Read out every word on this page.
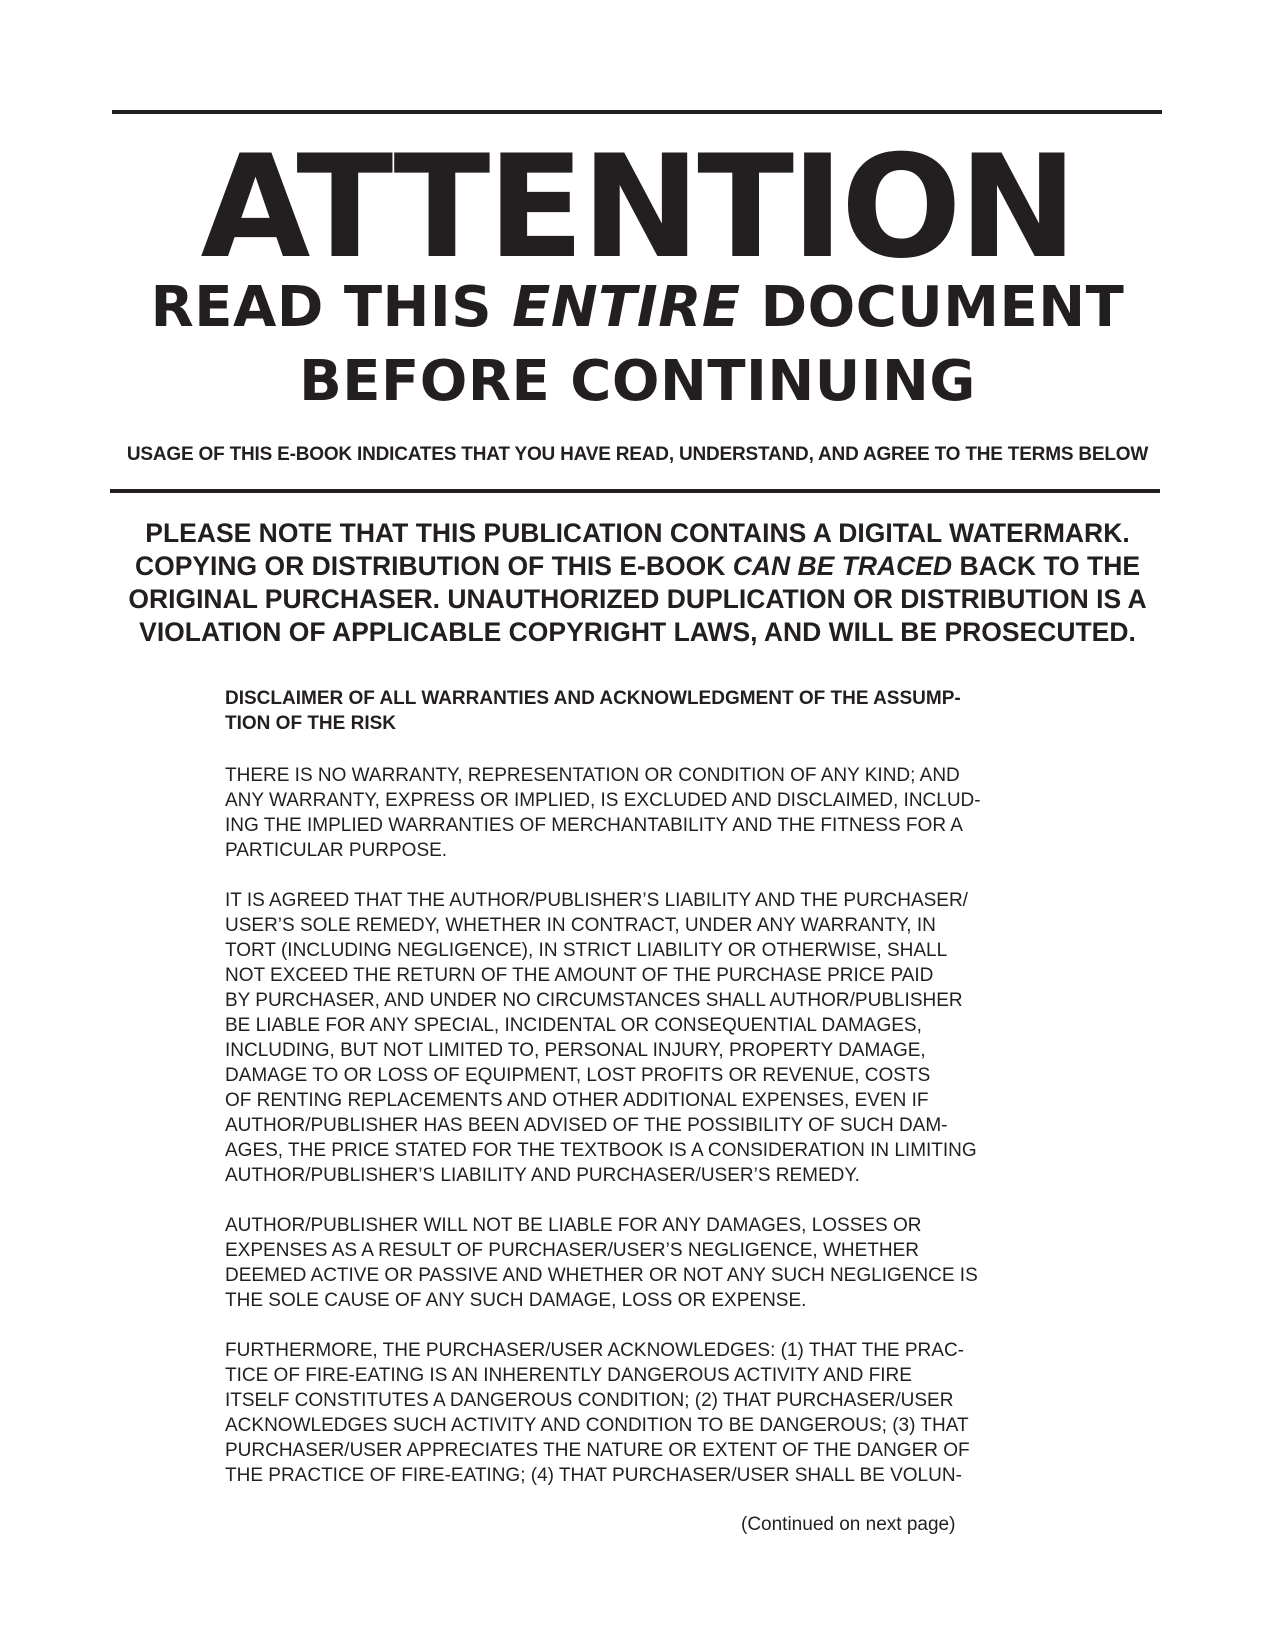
ATTENTION
READ THIS ENTIRE DOCUMENT
BEFORE CONTINUING
USAGE OF THIS E-BOOK INDICATES THAT YOU HAVE READ, UNDERSTAND, AND AGREE TO THE TERMS BELOW
PLEASE NOTE THAT THIS PUBLICATION CONTAINS A DIGITAL WATERMARK.
COPYING OR DISTRIBUTION OF THIS E-BOOK CAN BE TRACED BACK TO THE
ORIGINAL PURCHASER. UNAUTHORIZED DUPLICATION OR DISTRIBUTION IS A
VIOLATION OF APPLICABLE COPYRIGHT LAWS, AND WILL BE PROSECUTED.
DISCLAIMER OF ALL WARRANTIES AND ACKNOWLEDGMENT OF THE ASSUMP-
TION OF THE RISK
THERE IS NO WARRANTY, REPRESENTATION OR CONDITION OF ANY KIND; AND
ANY WARRANTY, EXPRESS OR IMPLIED, IS EXCLUDED AND DISCLAIMED, INCLUD-
ING THE IMPLIED WARRANTIES OF MERCHANTABILITY AND THE FITNESS FOR A
PARTICULAR PURPOSE.
IT IS AGREED THAT THE AUTHOR/PUBLISHER’S LIABILITY AND THE PURCHASER/
USER’S SOLE REMEDY, WHETHER IN CONTRACT, UNDER ANY WARRANTY, IN
TORT (INCLUDING NEGLIGENCE), IN STRICT LIABILITY OR OTHERWISE, SHALL
NOT EXCEED THE RETURN OF THE AMOUNT OF THE PURCHASE PRICE PAID
BY PURCHASER, AND UNDER NO CIRCUMSTANCES SHALL AUTHOR/PUBLISHER
BE LIABLE FOR ANY SPECIAL, INCIDENTAL OR CONSEQUENTIAL DAMAGES,
INCLUDING, BUT NOT LIMITED TO, PERSONAL INJURY, PROPERTY DAMAGE,
DAMAGE TO OR LOSS OF EQUIPMENT, LOST PROFITS OR REVENUE, COSTS
OF RENTING REPLACEMENTS AND OTHER ADDITIONAL EXPENSES, EVEN IF
AUTHOR/PUBLISHER HAS BEEN ADVISED OF THE POSSIBILITY OF SUCH DAM-
AGES, THE PRICE STATED FOR THE TEXTBOOK IS A CONSIDERATION IN LIMITING
AUTHOR/PUBLISHER’S LIABILITY AND PURCHASER/USER’S REMEDY.
AUTHOR/PUBLISHER WILL NOT BE LIABLE FOR ANY DAMAGES, LOSSES OR
EXPENSES AS A RESULT OF PURCHASER/USER’S NEGLIGENCE, WHETHER
DEEMED ACTIVE OR PASSIVE AND WHETHER OR NOT ANY SUCH NEGLIGENCE IS
THE SOLE CAUSE OF ANY SUCH DAMAGE, LOSS OR EXPENSE.
FURTHERMORE, THE PURCHASER/USER ACKNOWLEDGES: (1) THAT THE PRAC-
TICE OF FIRE-EATING IS AN INHERENTLY DANGEROUS ACTIVITY AND FIRE
ITSELF CONSTITUTES A DANGEROUS CONDITION; (2) THAT PURCHASER/USER
ACKNOWLEDGES SUCH ACTIVITY AND CONDITION TO BE DANGEROUS; (3) THAT
PURCHASER/USER APPRECIATES THE NATURE OR EXTENT OF THE DANGER OF
THE PRACTICE OF FIRE-EATING; (4) THAT PURCHASER/USER SHALL BE VOLUN-
(Continued on next page)
